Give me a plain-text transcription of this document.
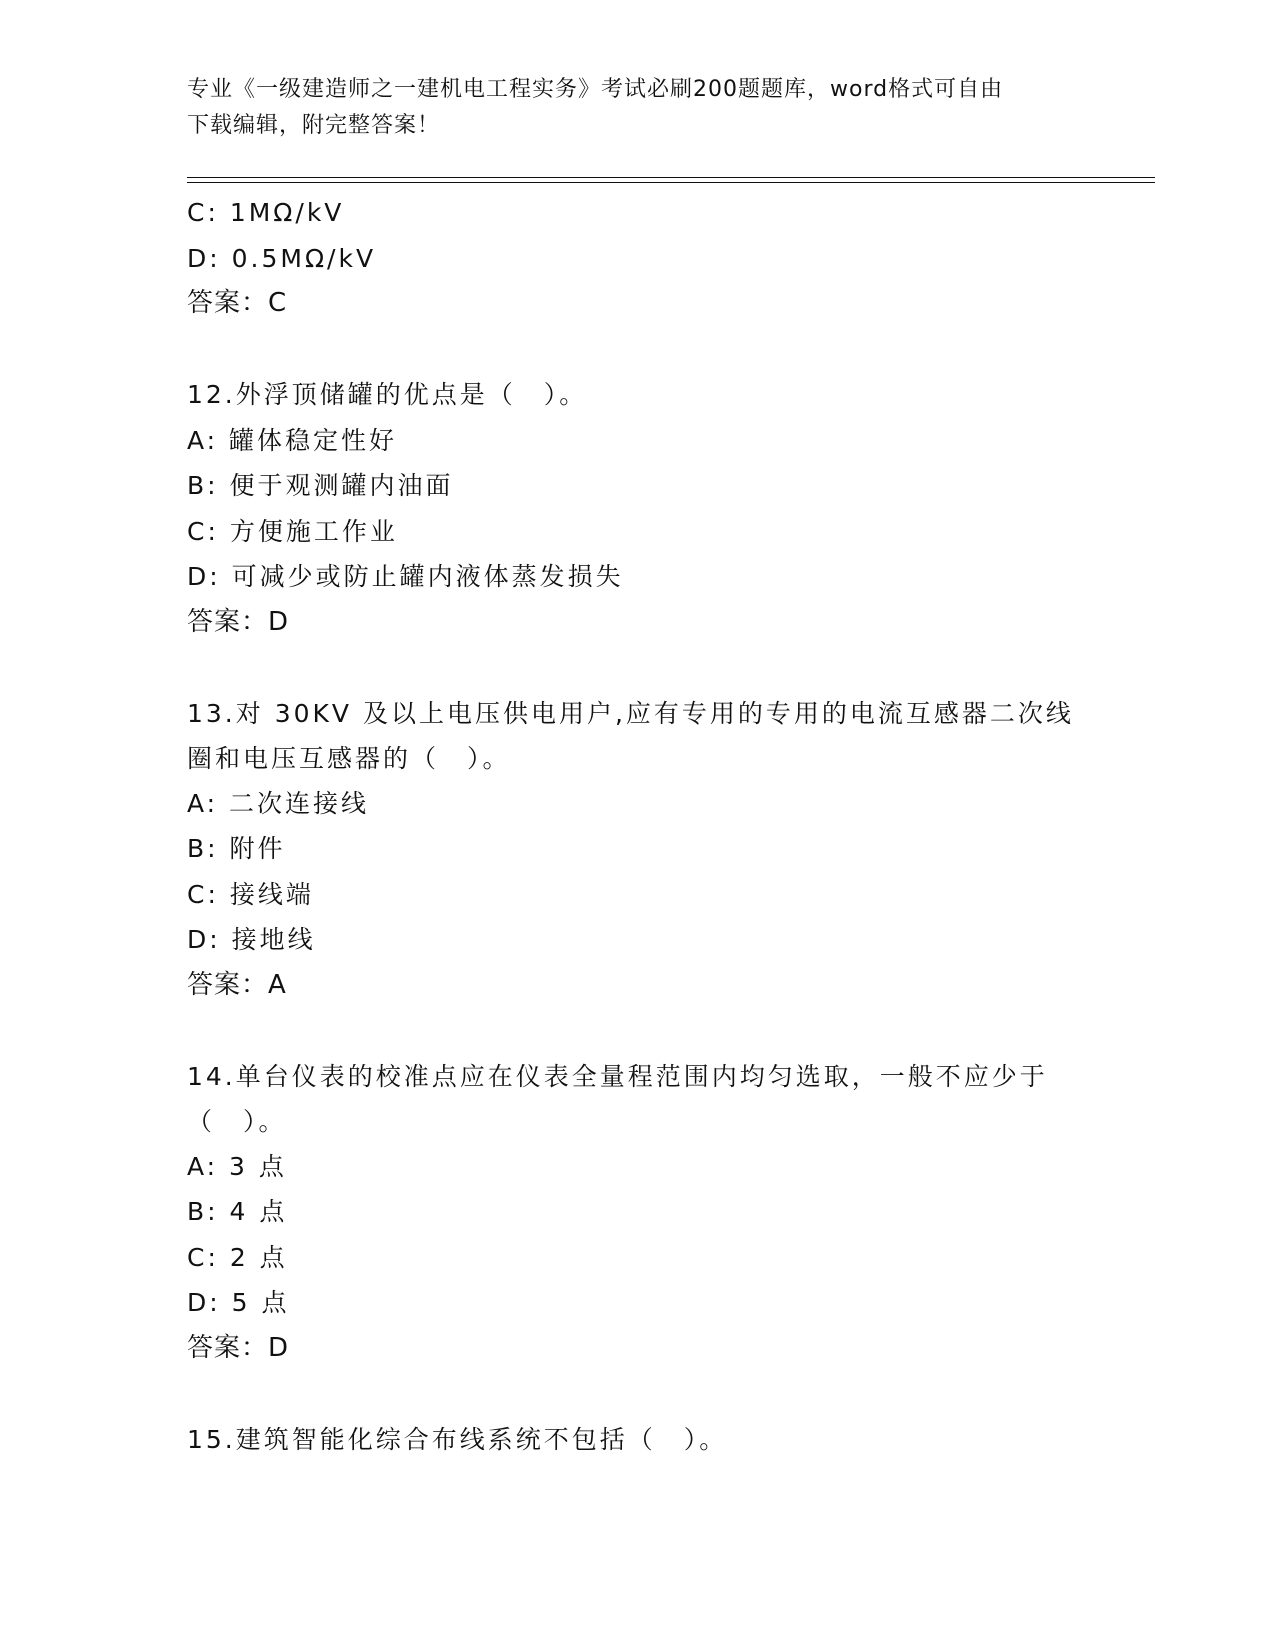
专业《一级建造师之一建机电工程实务》考试必刷200题题库，word格式可自由
下载编辑，附完整答案！
C: 1MΩ/kV
D: 0.5MΩ/kV
答案：C
12.外浮顶储罐的优点是（　）。
A: 罐体稳定性好
B: 便于观测罐内油面
C: 方便施工作业
D: 可减少或防止罐内液体蒸发损失
答案：D
13.对 30KV 及以上电压供电用户,应有专用的专用的电流互感器二次线
圈和电压互感器的（　）。
A: 二次连接线
B: 附件
C: 接线端
D: 接地线
答案：A
14.单台仪表的校准点应在仪表全量程范围内均匀选取，一般不应少于
（　）。
A: 3 点
B: 4 点
C: 2 点
D: 5 点
答案：D
15.建筑智能化综合布线系统不包括（　）。
